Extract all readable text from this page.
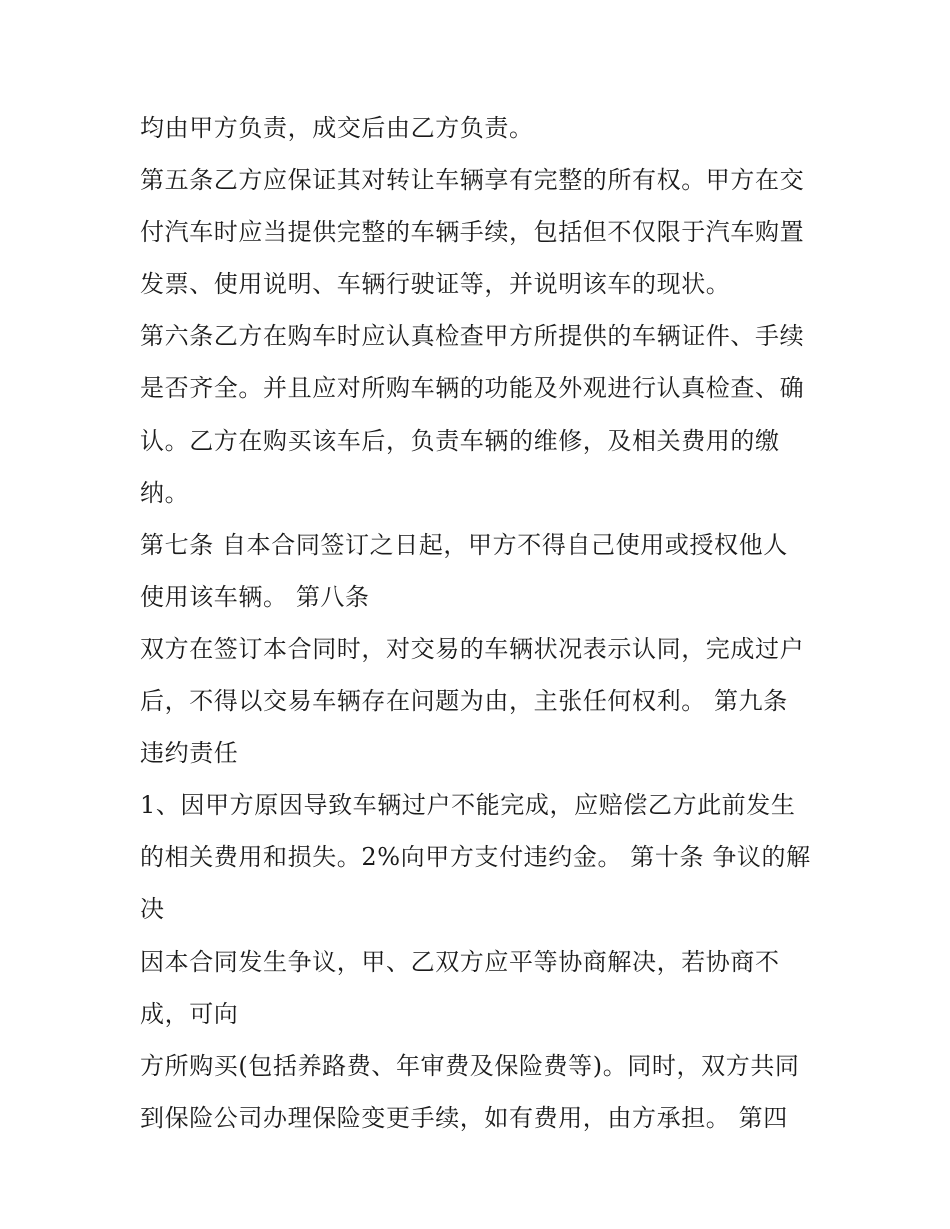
均由甲方负责，成交后由乙方负责。
第五条乙方应保证其对转让车辆享有完整的所有权。甲方在交
付汽车时应当提供完整的车辆手续，包括但不仅限于汽车购置
发票、使用说明、车辆行驶证等，并说明该车的现状。
第六条乙方在购车时应认真检查甲方所提供的车辆证件、手续
是否齐全。并且应对所购车辆的功能及外观进行认真检查、确
认。乙方在购买该车后，负责车辆的维修，及相关费用的缴
纳。
第七条 自本合同签订之日起，甲方不得自己使用或授权他人
使用该车辆。 第八条
双方在签订本合同时，对交易的车辆状况表示认同，完成过户
后，不得以交易车辆存在问题为由，主张任何权利。 第九条
违约责任
1、因甲方原因导致车辆过户不能完成，应赔偿乙方此前发生
的相关费用和损失。2%向甲方支付违约金。 第十条 争议的解
决
因本合同发生争议，甲、乙双方应平等协商解决，若协商不
成，可向
方所购买(包括养路费、年审费及保险费等)。同时，双方共同
到保险公司办理保险变更手续，如有费用，由方承担。 第四
